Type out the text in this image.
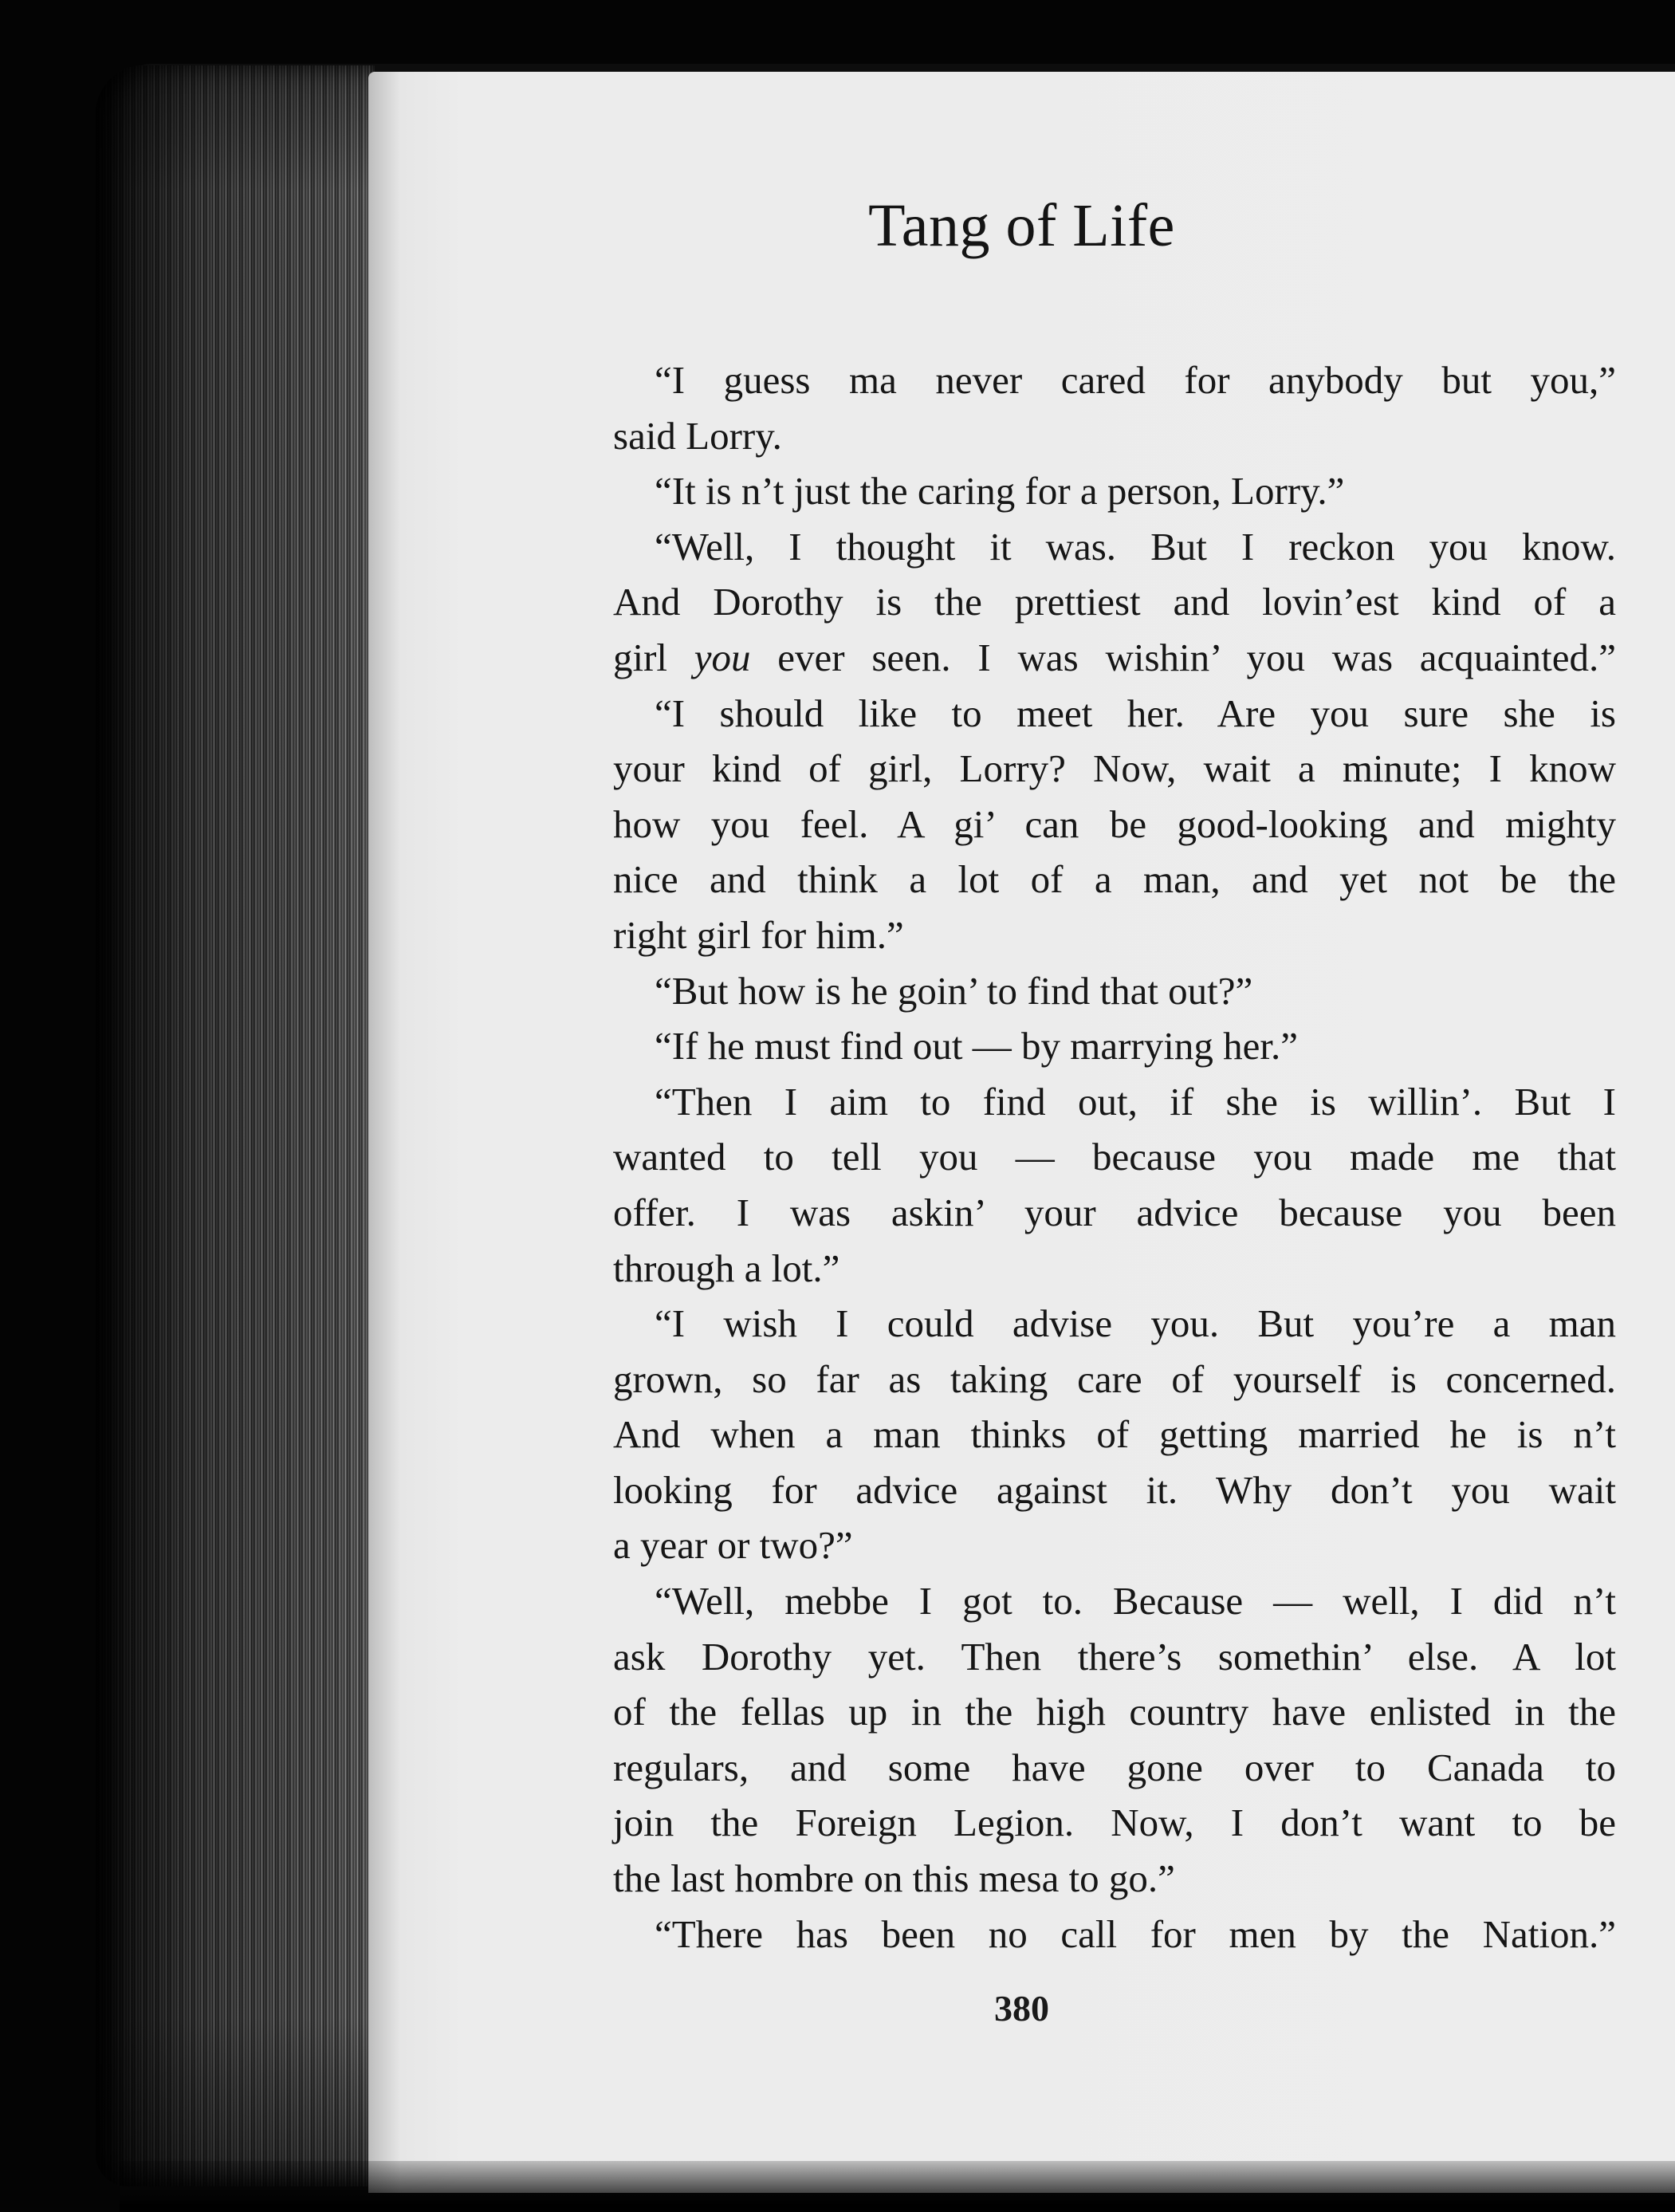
Tang of Life
“I guess ma never cared for anybody but you,”
said Lorry.
“It is n’t just the caring for a person, Lorry.”
“Well, I thought it was. But I reckon you know.
And Dorothy is the prettiest and lovin’est kind of a
girl you ever seen. I was wishin’ you was acquainted.”
“I should like to meet her. Are you sure she is
your kind of girl, Lorry? Now, wait a minute; I know
how you feel. A gi’ can be good-looking and mighty
nice and think a lot of a man, and yet not be the
right girl for him.”
“But how is he goin’ to find that out?”
“If he must find out — by marrying her.”
“Then I aim to find out, if she is willin’. But I
wanted to tell you — because you made me that
offer. I was askin’ your advice because you been
through a lot.”
“I wish I could advise you. But you’re a man
grown, so far as taking care of yourself is concerned.
And when a man thinks of getting married he is n’t
looking for advice against it. Why don’t you wait
a year or two?”
“Well, mebbe I got to. Because — well, I did n’t
ask Dorothy yet. Then there’s somethin’ else. A lot
of the fellas up in the high country have enlisted in the
regulars, and some have gone over to Canada to
join the Foreign Legion. Now, I don’t want to be
the last hombre on this mesa to go.”
“There has been no call for men by the Nation.”

380
